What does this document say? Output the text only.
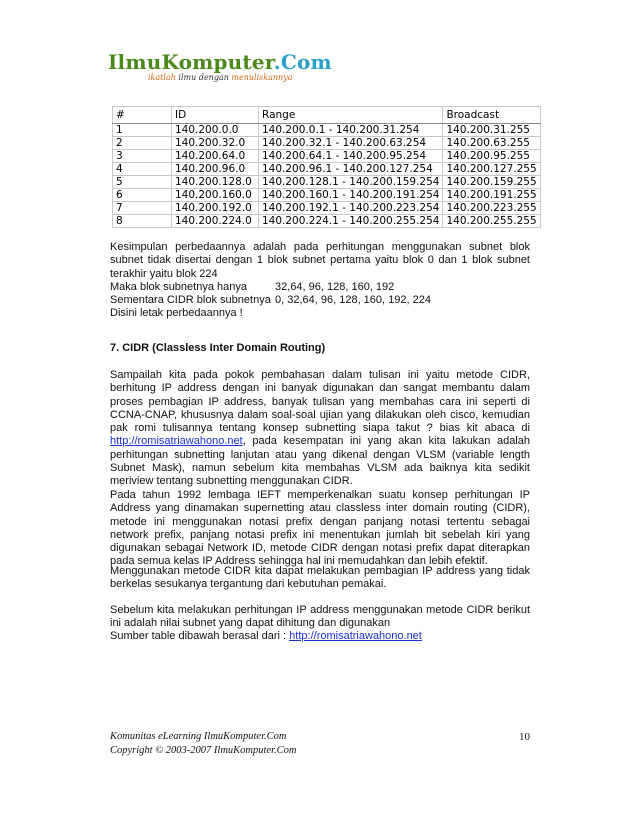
IlmuKomputer.Com
ikatlah ilmu dengan menuliskannya
#	ID	Range	Broadcast
1	140.200.0.0	140.200.0.1 - 140.200.31.254	140.200.31.255
2	140.200.32.0	140.200.32.1 - 140.200.63.254	140.200.63.255
3	140.200.64.0	140.200.64.1 - 140.200.95.254	140.200.95.255
4	140.200.96.0	140.200.96.1 - 140.200.127.254	140.200.127.255
5	140.200.128.0	140.200.128.1 - 140.200.159.254	140.200.159.255
6	140.200.160.0	140.200.160.1 - 140.200.191.254	140.200.191.255
7	140.200.192.0	140.200.192.1 - 140.200.223.254	140.200.223.255
8	140.200.224.0	140.200.224.1 - 140.200.255.254	140.200.255.255
Kesimpulan perbedaannya adalah pada perhitungan menggunakan subnet blok subnet tidak disertai dengan 1 blok subnet pertama yaitu blok 0 dan 1 blok subnet terakhir yaitu blok 224
Maka blok subnetnya hanya	32,64, 96, 128, 160, 192
Sementara CIDR blok subnetnya 0, 32,64, 96, 128, 160, 192, 224
Disini letak perbedaannya !
7. CIDR (Classless Inter Domain Routing)
Sampailah kita pada pokok pembahasan dalam tulisan ini yaitu metode CIDR, berhitung IP address dengan ini banyak digunakan dan sangat membantu dalam proses pembagian IP address, banyak tulisan yang membahas cara ini seperti di CCNA-CNAP, khususnya dalam soal-soal ujian yang dilakukan oleh cisco, kemudian pak romi tulisannya tentang konsep subnetting siapa takut ? bias kit abaca di http://romisatriawahono.net, pada kesempatan ini yang akan kita lakukan adalah perhitungan subnetting lanjutan atau yang dikenal dengan VLSM (variable length Subnet Mask), namun sebelum kita membahas VLSM ada baiknya kita sedikit meriview tentang subnetting menggunakan CIDR.
Pada tahun 1992 lembaga IEFT memperkenalkan suatu konsep perhitungan IP Address yang dinamakan supernetting atau classless inter domain routing (CIDR), metode ini menggunakan notasi prefix dengan panjang notasi tertentu sebagai network prefix, panjang notasi prefix ini menentukan jumlah bit sebelah kiri yang digunakan sebagai Network ID, metode CIDR dengan notasi prefix dapat diterapkan pada semua kelas IP Address sehingga hal ini memudahkan dan lebih efektif.
Menggunakan metode CIDR kita dapat melakukan pembagian IP address yang tidak berkelas sesukanya tergantung dari kebutuhan pemakai.
Sebelum kita melakukan perhitungan IP address menggunakan metode CIDR berikut ini adalah nilai subnet yang dapat dihitung dan digunakan
Sumber table dibawah berasal dari : http://romisatriawahono.net
Komunitas eLearning IlmuKomputer.Com
Copyright © 2003-2007 IlmuKomputer.Com
10
